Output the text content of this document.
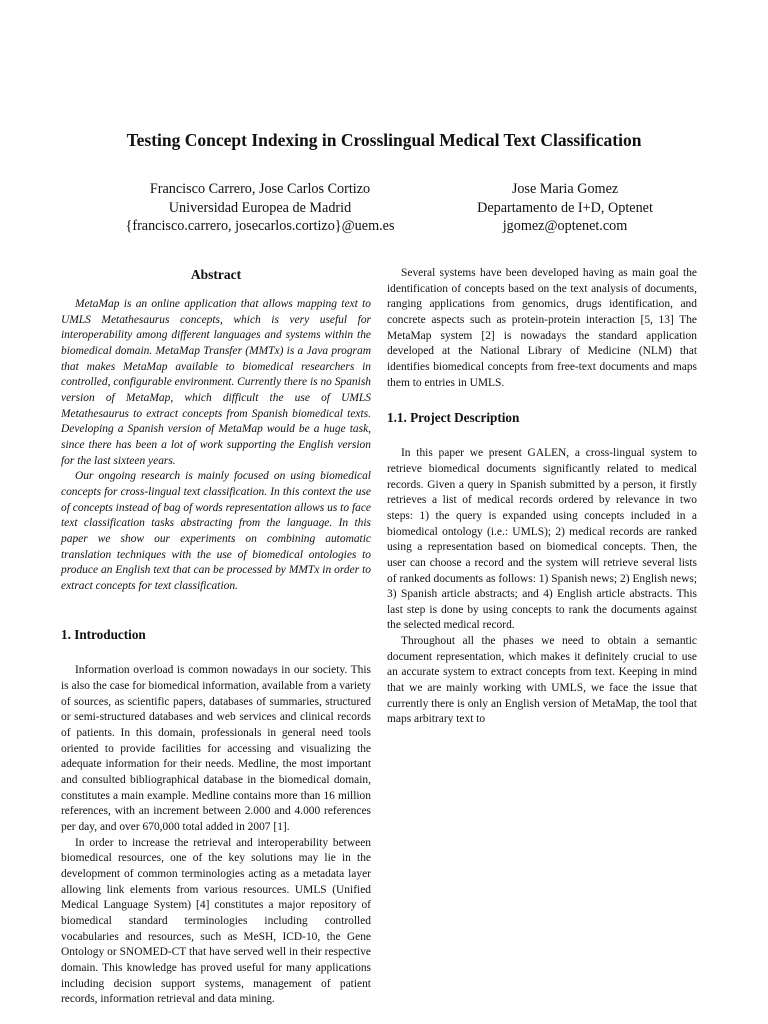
Testing Concept Indexing in Crosslingual Medical Text Classification
Francisco Carrero, Jose Carlos Cortizo
Universidad Europea de Madrid
{francisco.carrero, josecarlos.cortizo}@uem.es
Jose Maria Gomez
Departamento de I+D, Optenet
jgomez@optenet.com
Abstract

MetaMap is an online application that allows mapping text to UMLS Metathesaurus concepts, which is very useful for interoperability among different languages and systems within the biomedical domain. MetaMap Transfer (MMTx) is a Java program that makes MetaMap available to biomedical researchers in controlled, configurable environment. Currently there is no Spanish version of MetaMap, which difficult the use of UMLS Metathesaurus to extract concepts from Spanish biomedical texts. Developing a Spanish version of MetaMap would be a huge task, since there has been a lot of work supporting the English version for the last sixteen years.

Our ongoing research is mainly focused on using biomedical concepts for cross-lingual text classification. In this context the use of concepts instead of bag of words representation allows us to face text classification tasks abstracting from the language. In this paper we show our experiments on combining automatic translation techniques with the use of biomedical ontologies to produce an English text that can be processed by MMTx in order to extract concepts for text classification.

1. Introduction

Information overload is common nowadays in our society. This is also the case for biomedical information, available from a variety of sources, as scientific papers, databases of summaries, structured or semi-structured databases and web services and clinical records of patients. In this domain, professionals in general need tools oriented to provide facilities for accessing and visualizing the adequate information for their needs. Medline, the most important and consulted bibliographical database in the biomedical domain, constitutes a main example. Medline contains more than 16 million references, with an increment between 2.000 and 4.000 references per day, and over 670,000 total added in 2007 [1].

In order to increase the retrieval and interoperability between biomedical resources, one of the key solutions may lie in the development of common terminologies acting as a metadata layer allowing link elements from various resources. UMLS (Unified Medical Language System) [4] constitutes a major repository of biomedical standard terminologies including controlled vocabularies and resources, such as MeSH, ICD-10, the Gene Ontology or SNOMED-CT that have served well in their respective domain. This knowledge has proved useful for many applications including decision support systems, management of patient records, information retrieval and data mining.

Several systems have been developed having as main goal the identification of concepts based on the text analysis of documents, ranging applications from genomics, drugs identification, and concrete aspects such as protein-protein interaction [5, 13] The MetaMap system [2] is nowadays the standard application developed at the National Library of Medicine (NLM) that identifies biomedical concepts from free-text documents and maps them to entries in UMLS.

1.1. Project Description

In this paper we present GALEN, a cross-lingual system to retrieve biomedical documents significantly related to medical records. Given a query in Spanish submitted by a person, it firstly retrieves a list of medical records ordered by relevance in two steps: 1) the query is expanded using concepts included in a biomedical ontology (i.e.: UMLS); 2) medical records are ranked using a representation based on biomedical concepts. Then, the user can choose a record and the system will retrieve several lists of ranked documents as follows: 1) Spanish news; 2) English news; 3) Spanish article abstracts; and 4) English article abstracts. This last step is done by using concepts to rank the documents against the selected medical record.

Throughout all the phases we need to obtain a semantic document representation, which makes it definitely crucial to use an accurate system to extract concepts from text. Keeping in mind that we are mainly working with UMLS, we face the issue that currently there is only an English version of MetaMap, the tool that maps arbitrary text to
